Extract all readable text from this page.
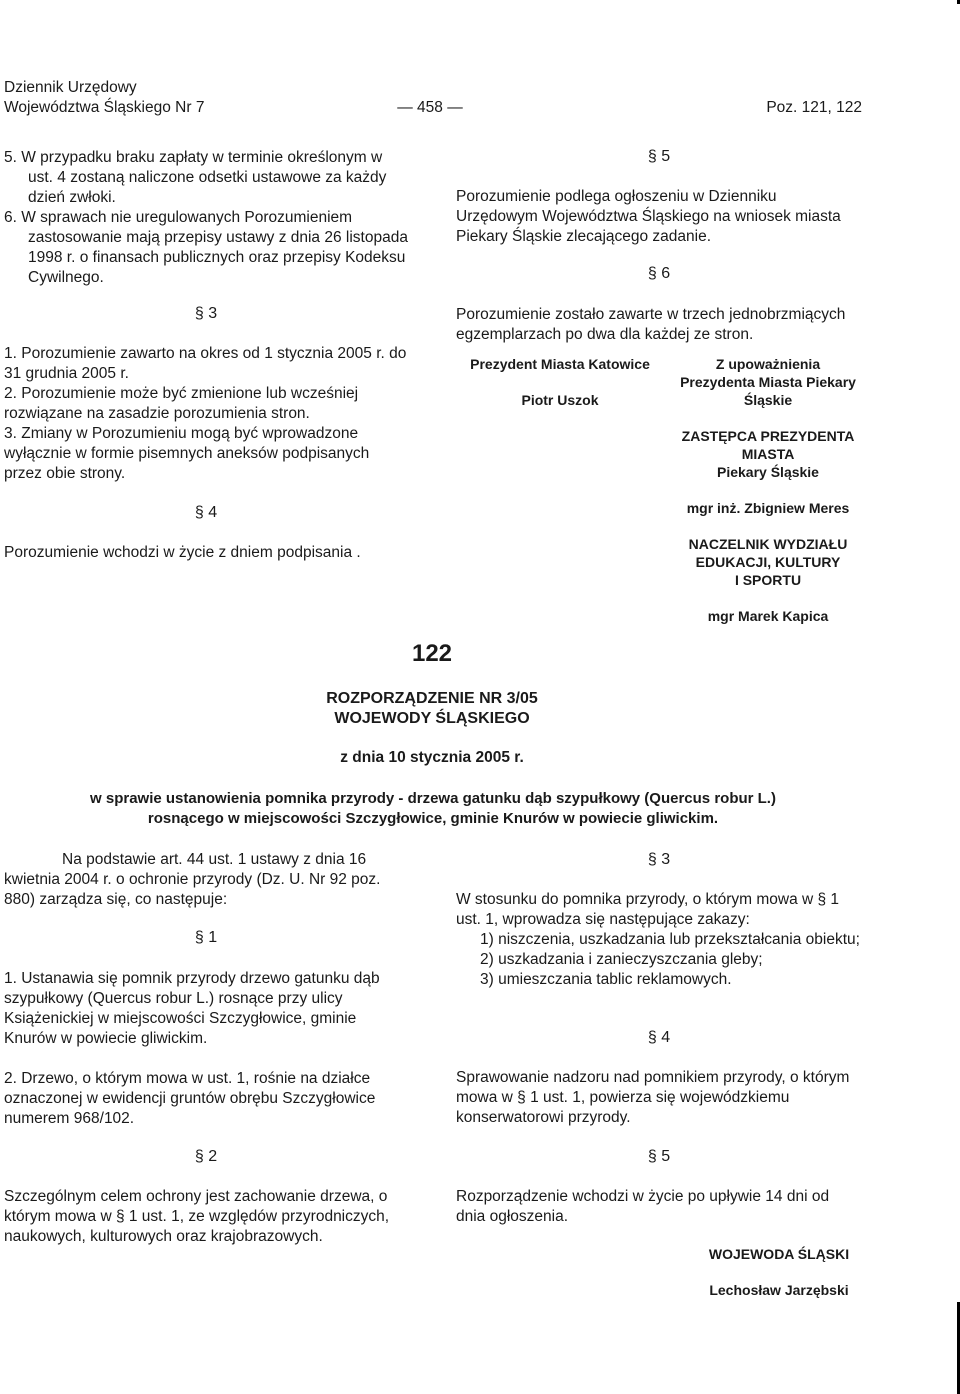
Dziennik Urzędowy
Województwa Śląskiego Nr 7	— 458 —	Poz. 121, 122
5. W przypadku braku zapłaty w terminie określonym w ust. 4 zostaną naliczone odsetki ustawowe za każdy dzień zwłoki.
6. W sprawach nie uregulowanych Porozumieniem zastosowanie mają przepisy ustawy z dnia 26 listopada 1998 r. o finansach publicznych oraz przepisy Kodeksu Cywilnego.
§ 3
1. Porozumienie zawarto na okres od 1 stycznia 2005 r. do 31 grudnia 2005 r.
2. Porozumienie może być zmienione lub wcześniej rozwiązane na zasadzie porozumienia stron.
3. Zmiany w Porozumieniu mogą być wprowadzone wyłącznie w formie pisemnych aneksów podpisanych przez obie strony.
§ 4
Porozumienie wchodzi w życie z dniem podpisania .
§ 5
Porozumienie podlega ogłoszeniu w Dzienniku Urzędowym Województwa Śląskiego na wniosek miasta Piekary Śląskie zlecającego zadanie.
§ 6
Porozumienie zostało zawarte w trzech jednobrzmiących egzemplarzach po dwa dla każdej ze stron.
Prezydent Miasta Katowice
Piotr Uszok
Z upoważnienia
Prezydenta Miasta Piekary
Śląskie
ZASTĘPCA PREZYDENTA
MIASTA
Piekary Śląskie
mgr inż. Zbigniew Meres
NACZELNIK WYDZIAŁU
EDUKACJI, KULTURY
I SPORTU
mgr Marek Kapica
122
ROZPORZĄDZENIE NR 3/05
WOJEWODY ŚLĄSKIEGO
z dnia 10 stycznia 2005 r.
w sprawie ustanowienia pomnika przyrody - drzewa gatunku dąb szypułkowy (Quercus robur L.)
rosnącego w miejscowości Szczygłowice, gminie Knurów w powiecie gliwickim.
Na podstawie art. 44 ust. 1 ustawy z dnia 16 kwietnia 2004 r. o ochronie przyrody (Dz. U. Nr 92 poz. 880) zarządza się, co następuje:
§ 1
1. Ustanawia się pomnik przyrody drzewo gatunku dąb szypułkowy (Quercus robur L.) rosnące przy ulicy Książenickiej w miejscowości Szczygłowice, gminie Knurów w powiecie gliwickim.
2. Drzewo, o którym mowa w ust. 1, rośnie na działce oznaczonej w ewidencji gruntów obrębu Szczygłowice numerem 968/102.
§ 2
Szczególnym celem ochrony jest zachowanie drzewa, o którym mowa w § 1 ust. 1, ze względów przyrodniczych, naukowych, kulturowych oraz krajobrazowych.
§ 3
W stosunku do pomnika przyrody, o którym mowa w § 1 ust. 1, wprowadza się następujące zakazy:
1) niszczenia, uszkadzania lub przekształcania obiektu;
2) uszkadzania i zanieczyszczania gleby;
3) umieszczania tablic reklamowych.
§ 4
Sprawowanie nadzoru nad pomnikiem przyrody, o którym mowa w § 1 ust. 1, powierza się wojewódzkiemu konserwatorowi przyrody.
§ 5
Rozporządzenie wchodzi w życie po upływie 14 dni od dnia ogłoszenia.
WOJEWODA ŚLĄSKI
Lechosław Jarzębski
